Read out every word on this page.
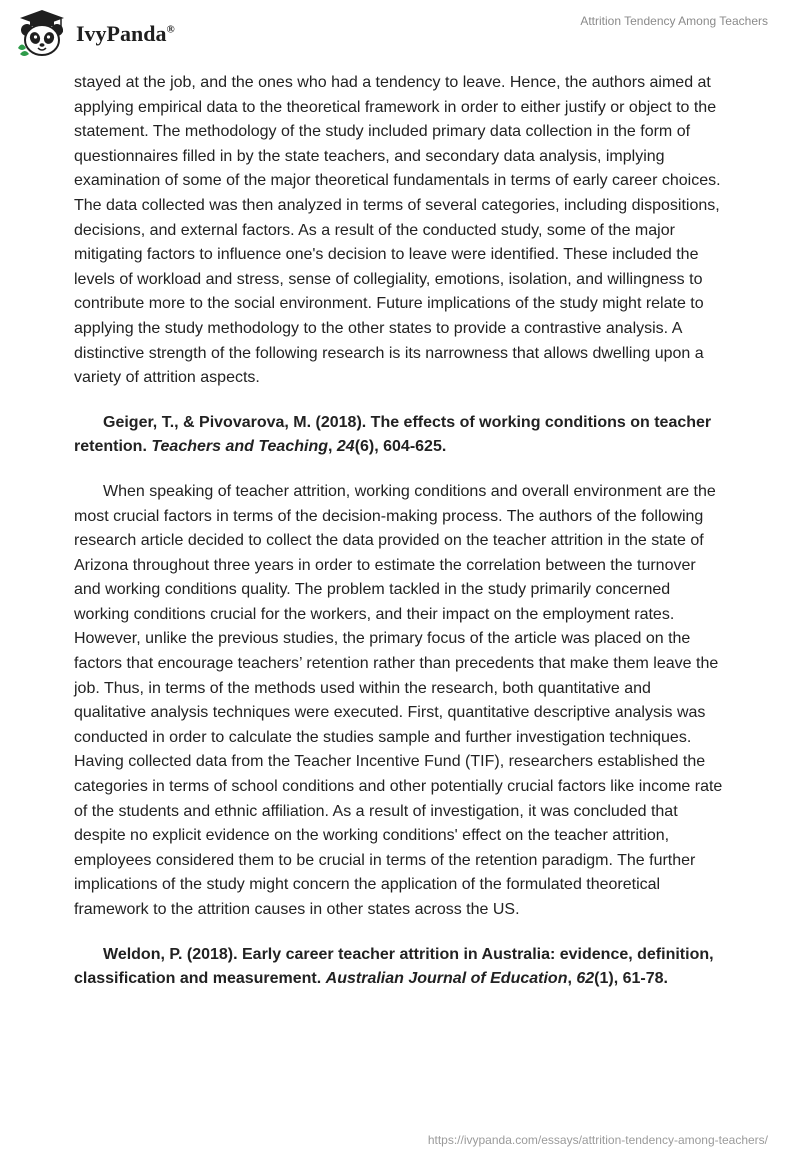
IvyPanda®
Attrition Tendency Among Teachers

stayed at the job, and the ones who had a tendency to leave. Hence, the authors aimed at applying empirical data to the theoretical framework in order to either justify or object to the statement. The methodology of the study included primary data collection in the form of questionnaires filled in by the state teachers, and secondary data analysis, implying examination of some of the major theoretical fundamentals in terms of early career choices. The data collected was then analyzed in terms of several categories, including dispositions, decisions, and external factors. As a result of the conducted study, some of the major mitigating factors to influence one's decision to leave were identified. These included the levels of workload and stress, sense of collegiality, emotions, isolation, and willingness to contribute more to the social environment. Future implications of the study might relate to applying the study methodology to the other states to provide a contrastive analysis. A distinctive strength of the following research is its narrowness that allows dwelling upon a variety of attrition aspects.

Geiger, T., & Pivovarova, M. (2018). The effects of working conditions on teacher retention. Teachers and Teaching, 24(6), 604-625.

When speaking of teacher attrition, working conditions and overall environment are the most crucial factors in terms of the decision-making process. The authors of the following research article decided to collect the data provided on the teacher attrition in the state of Arizona throughout three years in order to estimate the correlation between the turnover and working conditions quality. The problem tackled in the study primarily concerned working conditions crucial for the workers, and their impact on the employment rates. However, unlike the previous studies, the primary focus of the article was placed on the factors that encourage teachers’ retention rather than precedents that make them leave the job. Thus, in terms of the methods used within the research, both quantitative and qualitative analysis techniques were executed. First, quantitative descriptive analysis was conducted in order to calculate the studies sample and further investigation techniques. Having collected data from the Teacher Incentive Fund (TIF), researchers established the categories in terms of school conditions and other potentially crucial factors like income rate of the students and ethnic affiliation. As a result of investigation, it was concluded that despite no explicit evidence on the working conditions' effect on the teacher attrition, employees considered them to be crucial in terms of the retention paradigm. The further implications of the study might concern the application of the formulated theoretical framework to the attrition causes in other states across the US.

Weldon, P. (2018). Early career teacher attrition in Australia: evidence, definition, classification and measurement. Australian Journal of Education, 62(1), 61-78.

https://ivypanda.com/essays/attrition-tendency-among-teachers/
